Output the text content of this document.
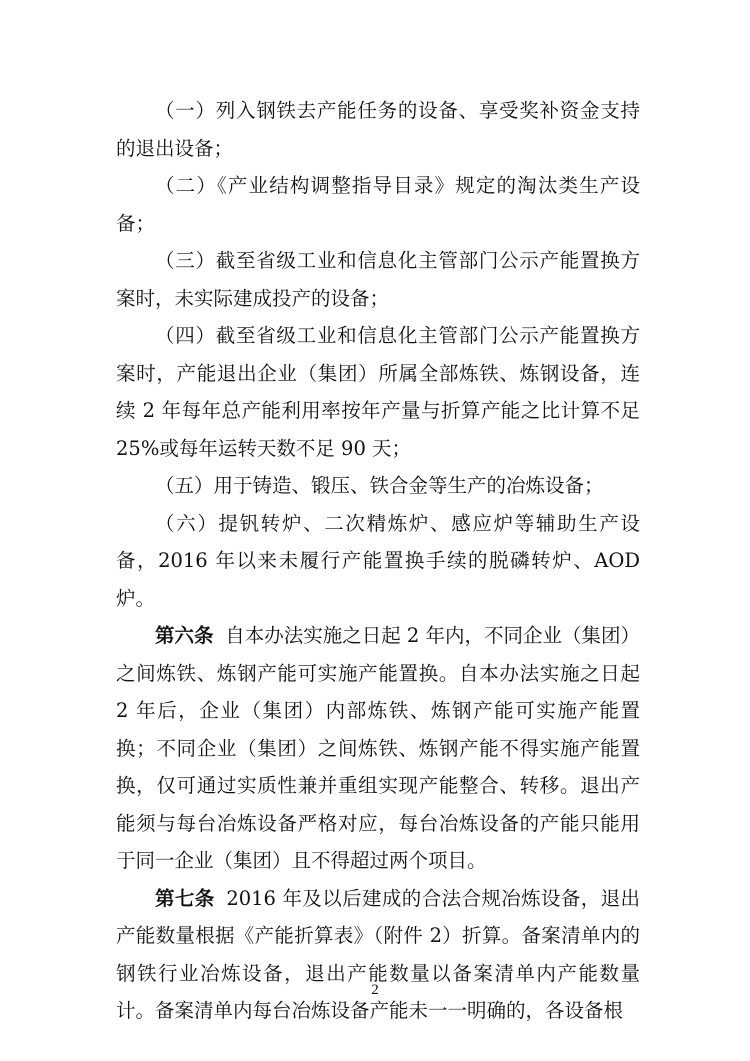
（一）列入钢铁去产能任务的设备、享受奖补资金支持的退出设备；

（二）《产业结构调整指导目录》规定的淘汰类生产设备；

（三）截至省级工业和信息化主管部门公示产能置换方案时，未实际建成投产的设备；

（四）截至省级工业和信息化主管部门公示产能置换方案时，产能退出企业（集团）所属全部炼铁、炼钢设备，连续 2 年每年总产能利用率按年产量与折算产能之比计算不足 25%或每年运转天数不足 90 天；

（五）用于铸造、锻压、铁合金等生产的冶炼设备；

（六）提钒转炉、二次精炼炉、感应炉等辅助生产设备，2016 年以来未履行产能置换手续的脱磷转炉、AOD炉。

第六条 自本办法实施之日起 2 年内，不同企业（集团）之间炼铁、炼钢产能可实施产能置换。自本办法实施之日起 2 年后，企业（集团）内部炼铁、炼钢产能可实施产能置换；不同企业（集团）之间炼铁、炼钢产能不得实施产能置换，仅可通过实质性兼并重组实现产能整合、转移。退出产能须与每台冶炼设备严格对应，每台冶炼设备的产能只能用于同一企业（集团）且不得超过两个项目。

第七条 2016 年及以后建成的合法合规冶炼设备，退出产能数量根据《产能折算表》（附件 2）折算。备案清单内的钢铁行业冶炼设备，退出产能数量以备案清单内产能数量计。备案清单内每台冶炼设备产能未一一明确的，各设备根

2
